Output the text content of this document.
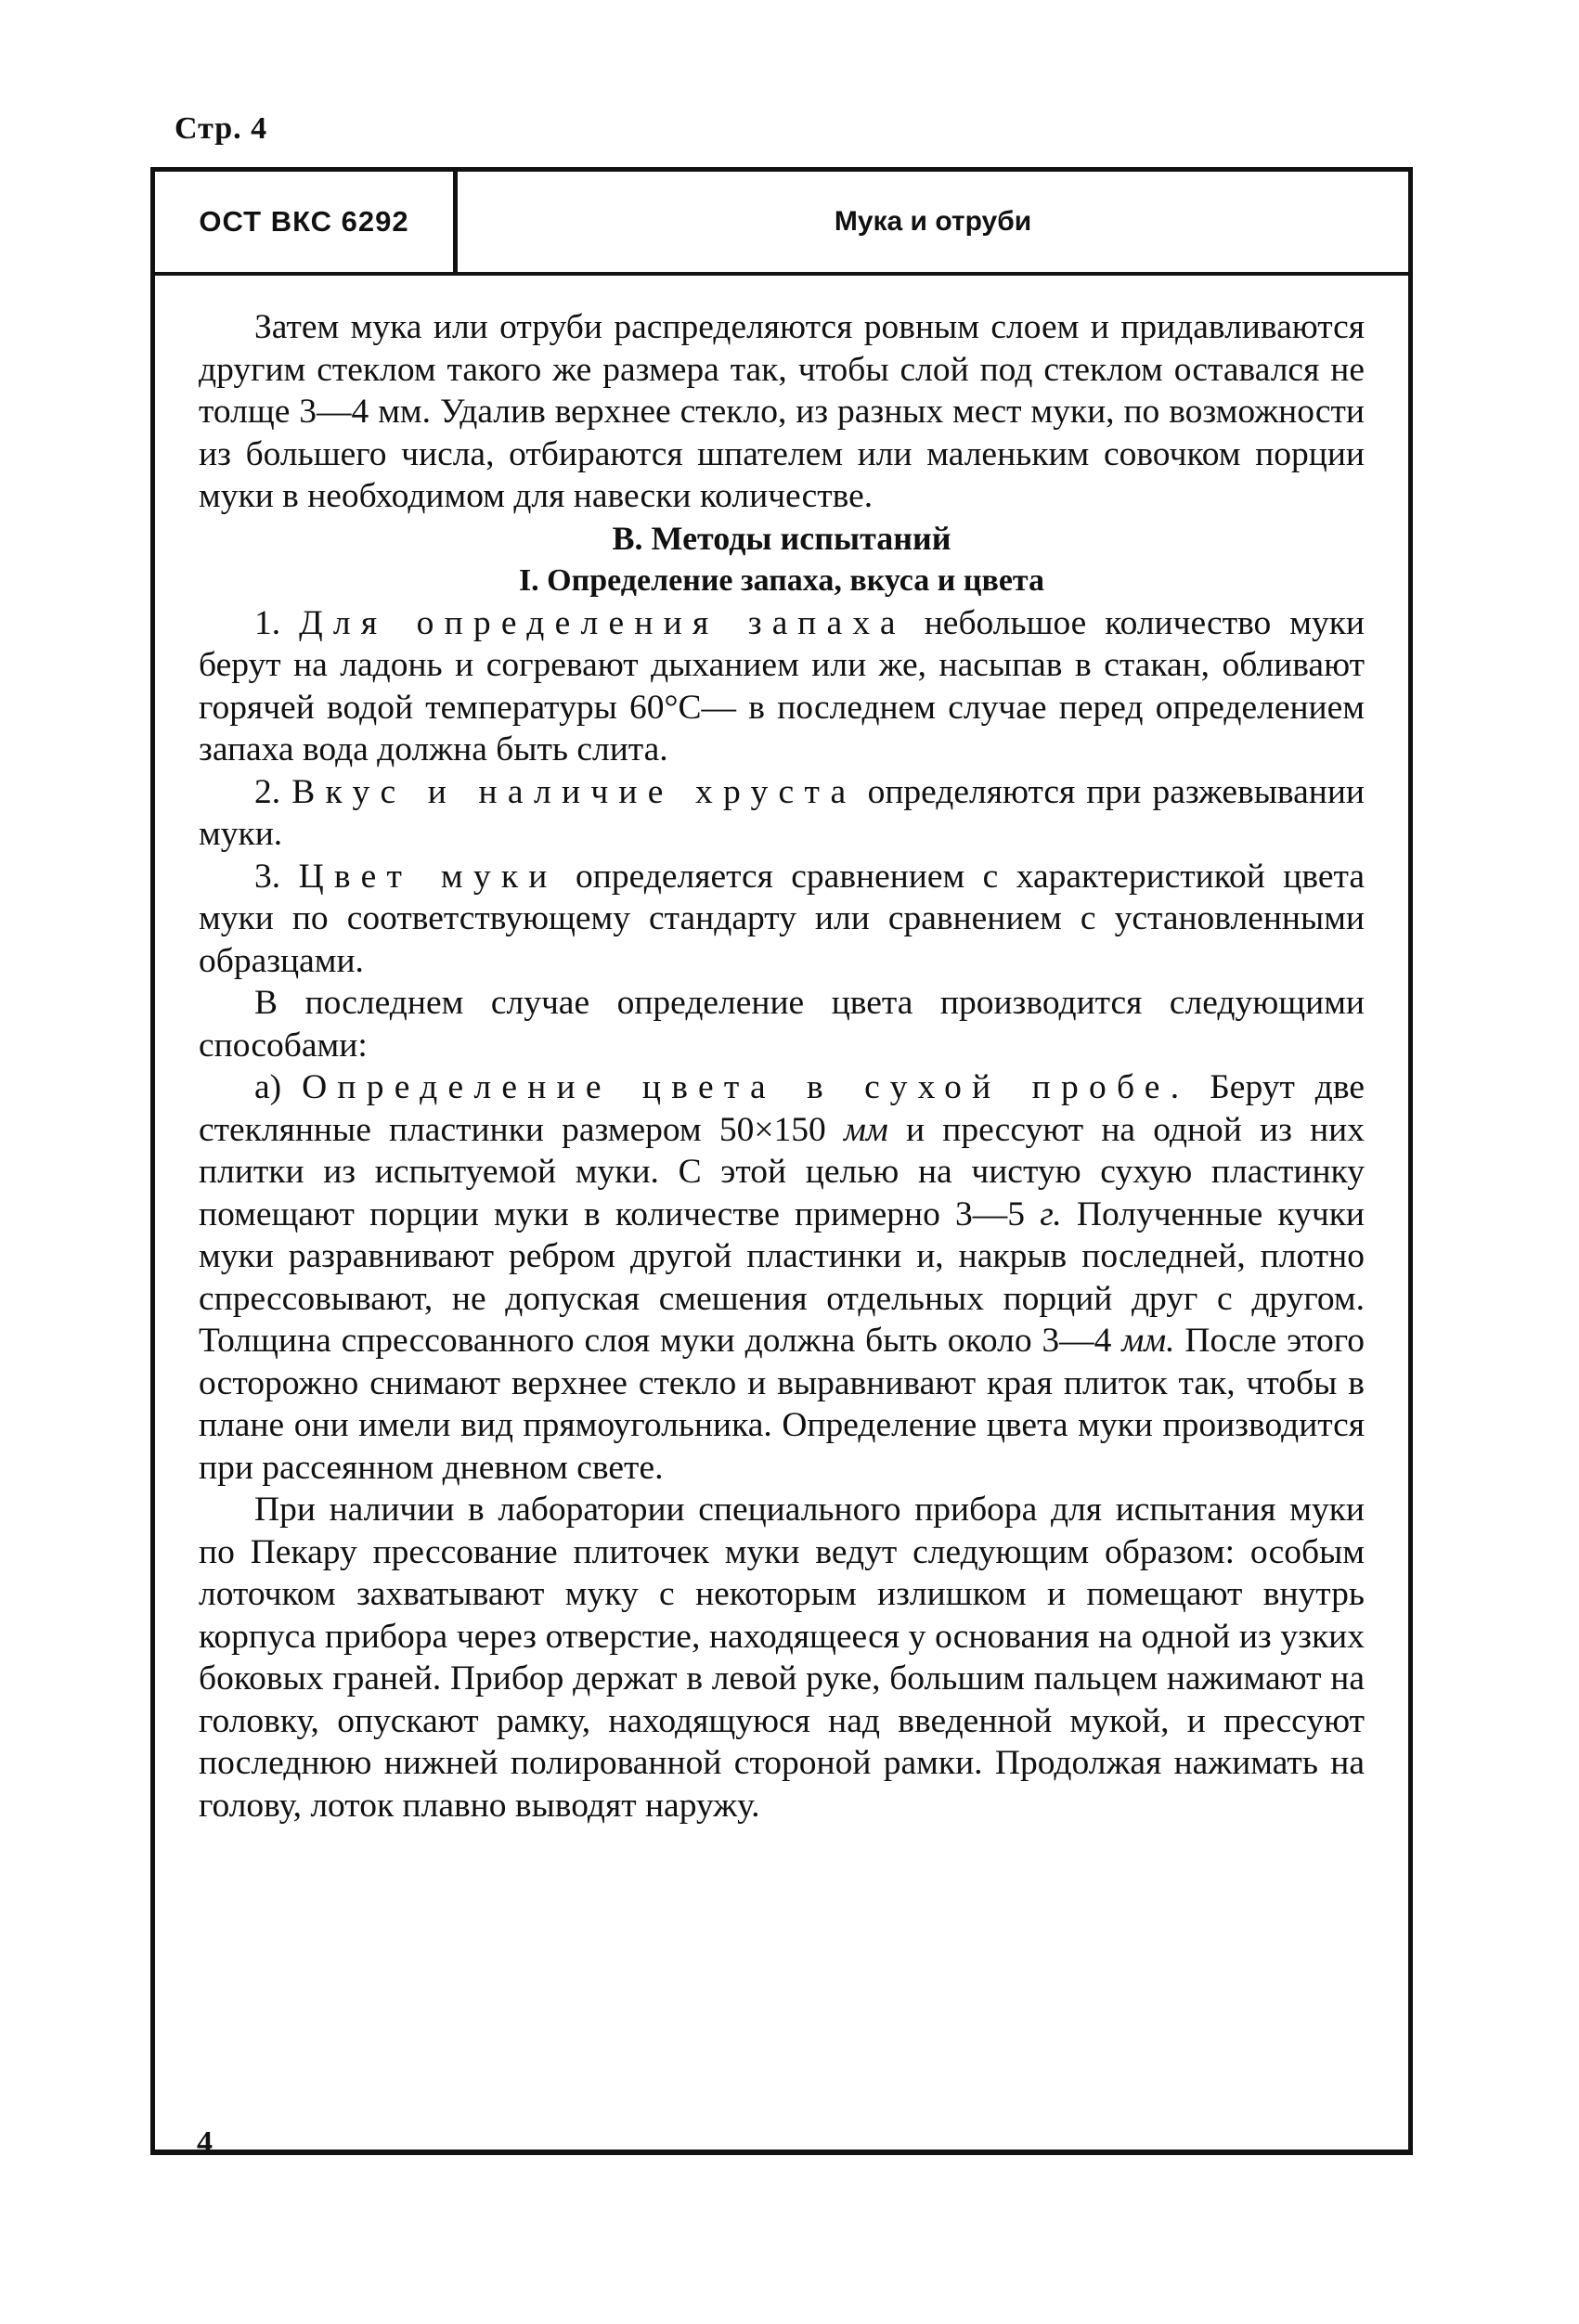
Стр. 4
ОСТ ВКС 6292	Мука и отруби

Затем мука или отруби распределяются ровным слоем и придавливаются другим стеклом такого же размера так, чтобы слой под стеклом оставался не толще 3—4 мм. Удалив верхнее стекло, из разных мест муки, по возможности из большего числа, отбираются шпателем или маленьким совочком порции муки в необходимом для навески количестве.

В. Методы испытаний

I. Определение запаха, вкуса и цвета

1. Для определения запаха небольшое количество муки берут на ладонь и согревают дыханием или же, насыпав в стакан, обливают горячей водой температуры 60°С— в последнем случае перед определением запаха вода должна быть слита.

2. Вкус и наличие хруста определяются при разжевывании муки.

3. Цвет муки определяется сравнением с характеристикой цвета муки по соответствующему стандарту или сравнением с установленными образцами.

В последнем случае определение цвета производится следующими способами:

а) Определение цвета в сухой пробе. Берут две стеклянные пластинки размером 50×150 мм и прессуют на одной из них плитки из испытуемой муки. С этой целью на чистую сухую пластинку помещают порции муки в количестве примерно 3—5 г. Полученные кучки муки разравнивают ребром другой пластинки и, накрыв последней, плотно спрессовывают, не допуская смешения отдельных порций друг с другом. Толщина спрессованного слоя муки должна быть около 3—4 мм. После этого осторожно снимают верхнее стекло и выравнивают края плиток так, чтобы в плане они имели вид прямоугольника. Определение цвета муки производится при рассеянном дневном свете.

При наличии в лаборатории специального прибора для испытания муки по Пекару прессование плиточек муки ведут следующим образом: особым лоточком захватывают муку с некоторым излишком и помещают внутрь корпуса прибора через отверстие, находящееся у основания на одной из узких боковых граней. Прибор держат в левой руке, большим пальцем нажимают на головку, опускают рамку, находящуюся над введенной мукой, и прессуют последнюю нижней полированной стороной рамки. Продолжая нажимать на голову, лоток плавно выводят наружу.

4
